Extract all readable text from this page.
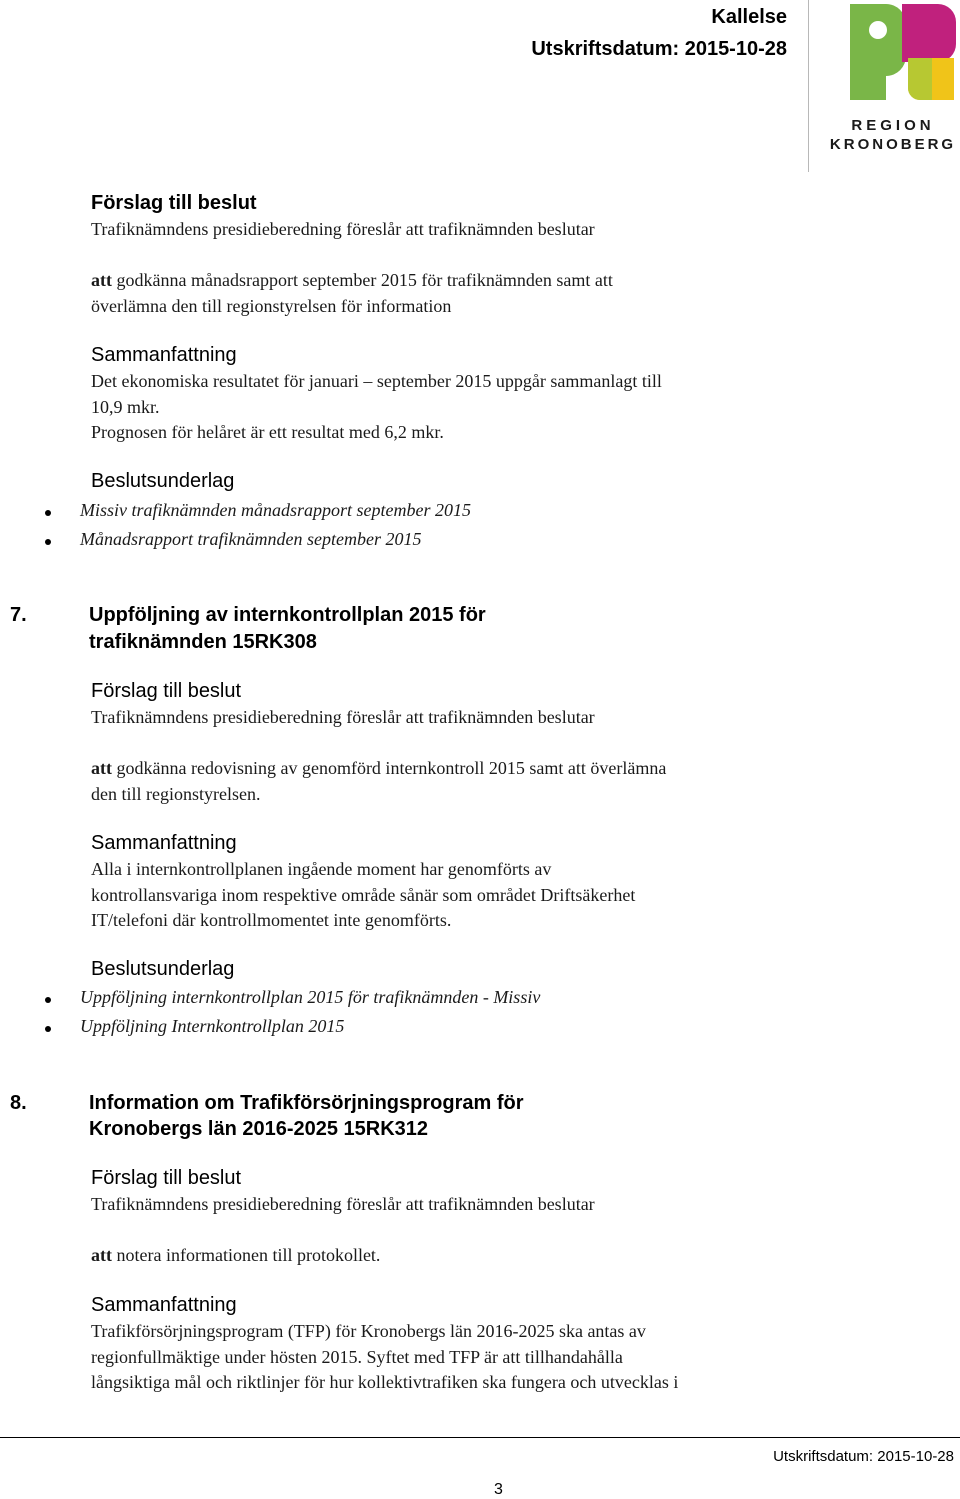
Kallelse
Utskriftsdatum: 2015-10-28
REGION
KRONOBERG
Förslag till beslut
Trafiknämndens presidieberedning föreslår att trafiknämnden beslutar
att godkänna månadsrapport september 2015 för trafiknämnden samt att
överlämna den till regionstyrelsen för information
Sammanfattning
Det ekonomiska resultatet för januari – september 2015 uppgår sammanlagt till
10,9 mkr.
Prognosen för helåret är ett resultat med 6,2 mkr.
Beslutsunderlag
Missiv trafiknämnden månadsrapport september 2015
Månadsrapport trafiknämnden september 2015
7.	Uppföljning av internkontrollplan 2015 för
trafiknämnden 15RK308
Förslag till beslut
Trafiknämndens presidieberedning föreslår att trafiknämnden beslutar
att godkänna redovisning av genomförd internkontroll 2015 samt att överlämna
den till regionstyrelsen.
Sammanfattning
Alla i internkontrollplanen ingående moment har genomförts av
kontrollansvariga inom respektive område sånär som området Driftsäkerhet
IT/telefoni där kontrollmomentet inte genomförts.
Beslutsunderlag
Uppföljning internkontrollplan 2015 för trafiknämnden - Missiv
Uppföljning Internkontrollplan 2015
8.	Information om Trafikförsörjningsprogram för
Kronobergs län 2016-2025 15RK312
Förslag till beslut
Trafiknämndens presidieberedning föreslår att trafiknämnden beslutar
att notera informationen till protokollet.
Sammanfattning
Trafikförsörjningsprogram (TFP) för Kronobergs län 2016-2025 ska antas av
regionfullmäktige under hösten 2015. Syftet med TFP är att tillhandahålla
långsiktiga mål och riktlinjer för hur kollektivtrafiken ska fungera och utvecklas i
Utskriftsdatum: 2015-10-28
3
